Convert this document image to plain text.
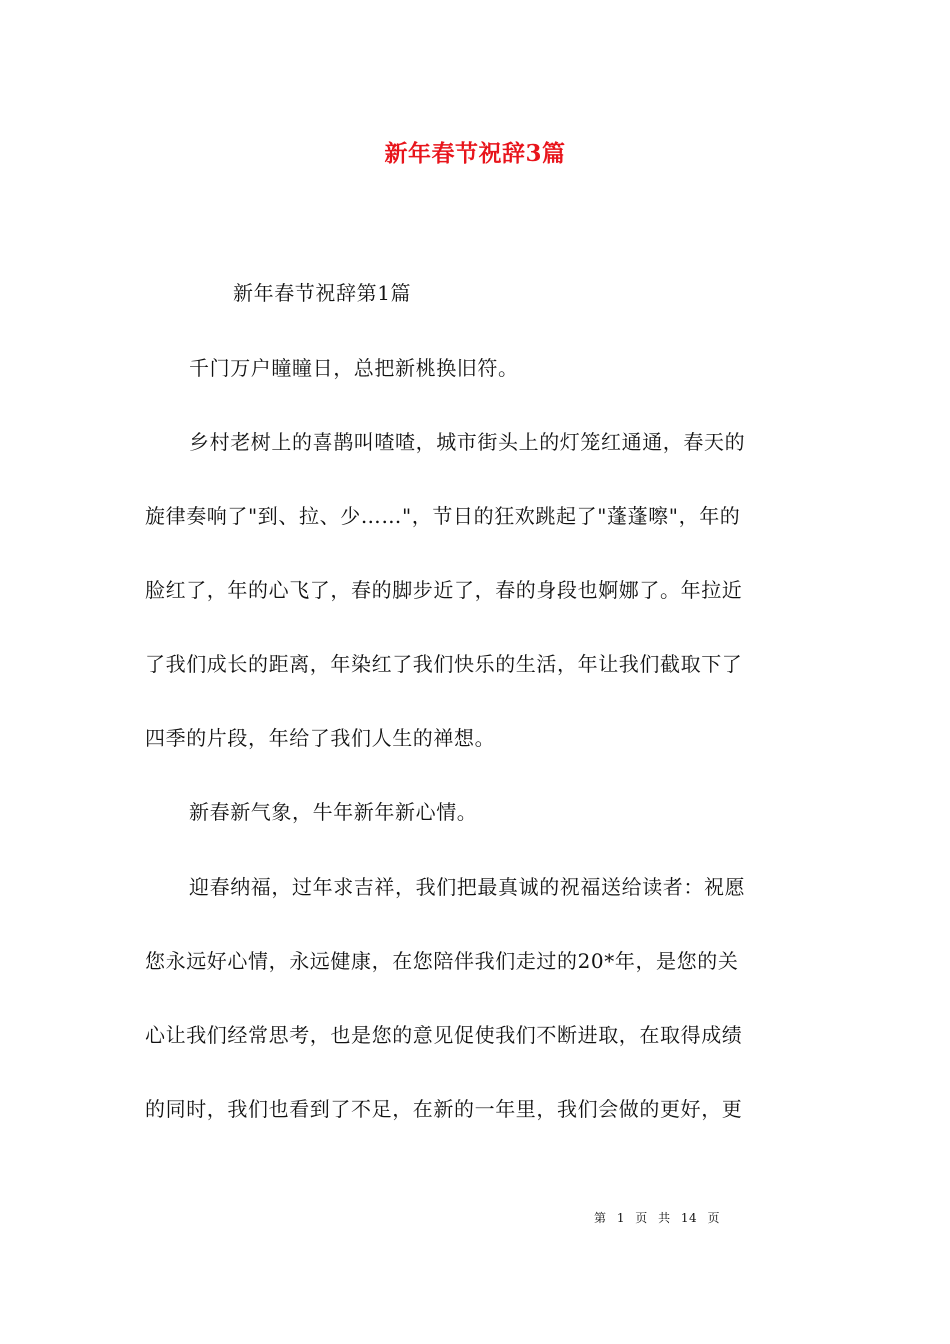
新年春节祝辞3篇
新年春节祝辞第1篇
千门万户瞳瞳日，总把新桃换旧符。
乡村老树上的喜鹊叫喳喳，城市街头上的灯笼红通通，春天的
旋律奏响了"到、拉、少……"，节日的狂欢跳起了"蓬蓬嚓"，年的
脸红了，年的心飞了，春的脚步近了，春的身段也婀娜了。年拉近
了我们成长的距离，年染红了我们快乐的生活，年让我们截取下了
四季的片段，年给了我们人生的禅想。
新春新气象，牛年新年新心情。
迎春纳福，过年求吉祥，我们把最真诚的祝福送给读者：祝愿
您永远好心情，永远健康，在您陪伴我们走过的20*年，是您的关
心让我们经常思考，也是您的意见促使我们不断进取，在取得成绩
的同时，我们也看到了不足，在新的一年里，我们会做的更好，更
第 1 页 共 14 页
